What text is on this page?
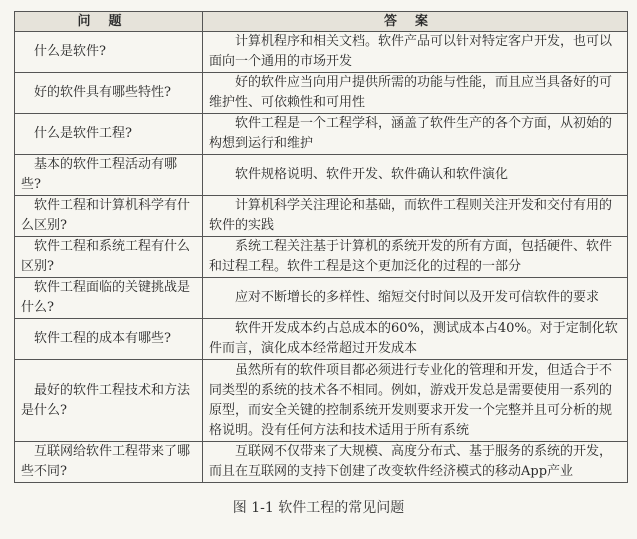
问题	答案
什么是软件?	计算机程序和相关文档。软件产品可以针对特定客户开发，也可以面向一个通用的市场开发
好的软件具有哪些特性?	好的软件应当向用户提供所需的功能与性能，而且应当具备好的可维护性、可依赖性和可用性
什么是软件工程?	软件工程是一个工程学科，涵盖了软件生产的各个方面，从初始的构想到运行和维护
基本的软件工程活动有哪些?	软件规格说明、软件开发、软件确认和软件演化
软件工程和计算机科学有什么区别?	计算机科学关注理论和基础，而软件工程则关注开发和交付有用的软件的实践
软件工程和系统工程有什么区别?	系统工程关注基于计算机的系统开发的所有方面，包括硬件、软件和过程工程。软件工程是这个更加泛化的过程的一部分
软件工程面临的关键挑战是什么?	应对不断增长的多样性、缩短交付时间以及开发可信软件的要求
软件工程的成本有哪些?	软件开发成本约占总成本的60%，测试成本占40%。对于定制化软件而言，演化成本经常超过开发成本
最好的软件工程技术和方法是什么?	虽然所有的软件项目都必须进行专业化的管理和开发，但适合于不同类型的系统的技术各不相同。例如，游戏开发总是需要使用一系列的原型，而安全关键的控制系统开发则要求开发一个完整并且可分析的规格说明。没有任何方法和技术适用于所有系统
互联网给软件工程带来了哪些不同?	互联网不仅带来了大规模、高度分布式、基于服务的系统的开发，而且在互联网的支持下创建了改变软件经济模式的移动App产业
图 1-1 软件工程的常见问题
